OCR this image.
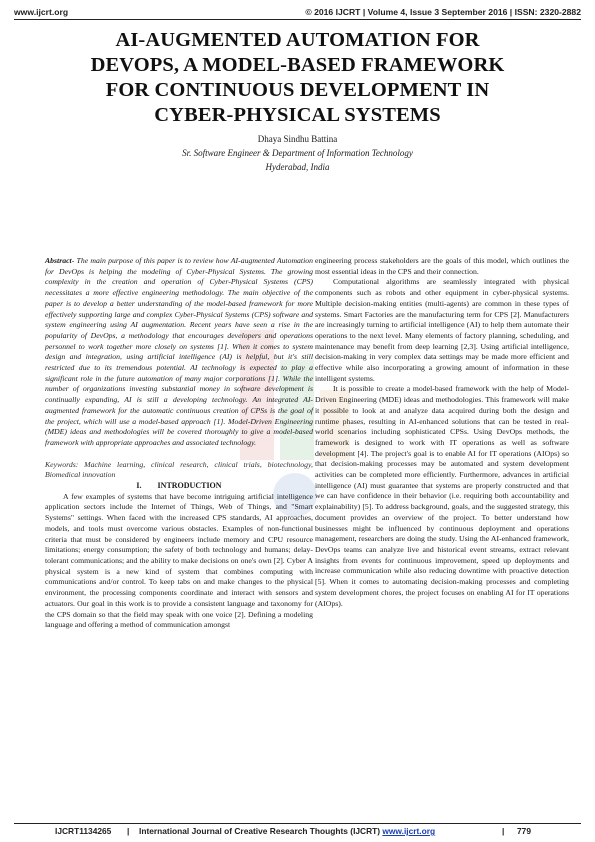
www.ijcrt.org	© 2016 IJCRT | Volume 4, Issue 3 September 2016 | ISSN: 2320-2882
AI-AUGMENTED AUTOMATION FOR
DEVOPS, A MODEL-BASED FRAMEWORK
FOR CONTINUOUS DEVELOPMENT IN
CYBER-PHYSICAL SYSTEMS
Dhaya Sindhu Battina
Sr. Software Engineer & Department of Information Technology
Hyderabad, India

Abstract- The main purpose of this paper is to review how AI-augmented Automation for DevOps is helping the modeling of Cyber-Physical Systems. The growing complexity in the creation and operation of Cyber-Physical Systems (CPS) necessitates a more effective engineering methodology. The main objective of the paper is to develop a better understanding of the model-based framework for more effectively supporting large and complex Cyber-Physical Systems (CPS) software and system engineering using AI augmentation. Recent years have seen a rise in the popularity of DevOps, a methodology that encourages developers and operations personnel to work together more closely on systems [1]. When it comes to system design and integration, using artificial intelligence (AI) is helpful, but it's still restricted due to its tremendous potential. AI technology is expected to play a significant role in the future automation of many major corporations [1]. While the number of organizations investing substantial money in software development is continually expanding, AI is still a developing technology. An integrated AI-augmented framework for the automatic continuous creation of CPSs is the goal of the project, which will use a model-based approach [1]. Model-Driven Engineering (MDE) ideas and methodologies will be covered thoroughly to give a model-based framework with appropriate approaches and associated technology.

Keywords: Machine learning, clinical research, clinical trials, biotechnology, Biomedical innovation

I. INTRODUCTION

A few examples of systems that have become intriguing artificial intelligence application sectors include the Internet of Things, Web of Things, and "Smart Systems" settings. When faced with the increased CPS standards, AI approaches, models, and tools must overcome various obstacles. Examples of non-functional criteria that must be considered by engineers include memory and CPU resource limitations; energy consumption; the safety of both technology and humans; delay-tolerant communications; and the ability to make decisions on one's own [2]. Cyber A physical system is a new kind of system that combines computing with communications and/or control. To keep tabs on and make changes to the physical environment, the processing components coordinate and interact with sensors and actuators. Our goal in this work is to provide a consistent language and taxonomy for the CPS domain so that the field may speak with one voice [2]. Defining a modeling language and offering a method of communication amongst

engineering process stakeholders are the goals of this model, which outlines the most essential ideas in the CPS and their connection.

Computational algorithms are seamlessly integrated with physical components such as robots and other equipment in cyber-physical systems. Multiple decision-making entities (multi-agents) are common in these types of systems. Smart Factories are the manufacturing term for CPS [2]. Manufacturers are increasingly turning to artificial intelligence (AI) to help them automate their operations to the next level. Many elements of factory planning, scheduling, and maintenance may benefit from deep learning [2,3]. Using artificial intelligence, decision-making in very complex data settings may be made more efficient and effective while also incorporating a growing amount of information in these intelligent systems.

It is possible to create a model-based framework with the help of Model-Driven Engineering (MDE) ideas and methodologies. This framework will make it possible to look at and analyze data acquired during both the design and runtime phases, resulting in AI-enhanced solutions that can be tested in real-world scenarios including sophisticated CPSs. Using DevOps methods, the framework is designed to work with IT operations as well as software development [4]. The project's goal is to enable AI for IT operations (AIOps) so that decision-making processes may be automated and system development activities can be completed more efficiently. Furthermore, advances in artificial intelligence (AI) must guarantee that systems are properly constructed and that we can have confidence in their behavior (i.e. requiring both accountability and explainability) [5]. To address background, goals, and the suggested strategy, this document provides an overview of the project. To better understand how businesses might be influenced by continuous deployment and operations management, researchers are doing the study. Using the AI-enhanced framework, DevOps teams can analyze live and historical event streams, extract relevant insights from events for continuous improvement, speed up deployments and increase communication while also reducing downtime with proactive detection [5]. When it comes to automating decision-making processes and completing system development chores, the project focuses on enabling AI for IT operations (AIOps).

IJCRT1134265 | International Journal of Creative Research Thoughts (IJCRT) www.ijcrt.org	| 779
